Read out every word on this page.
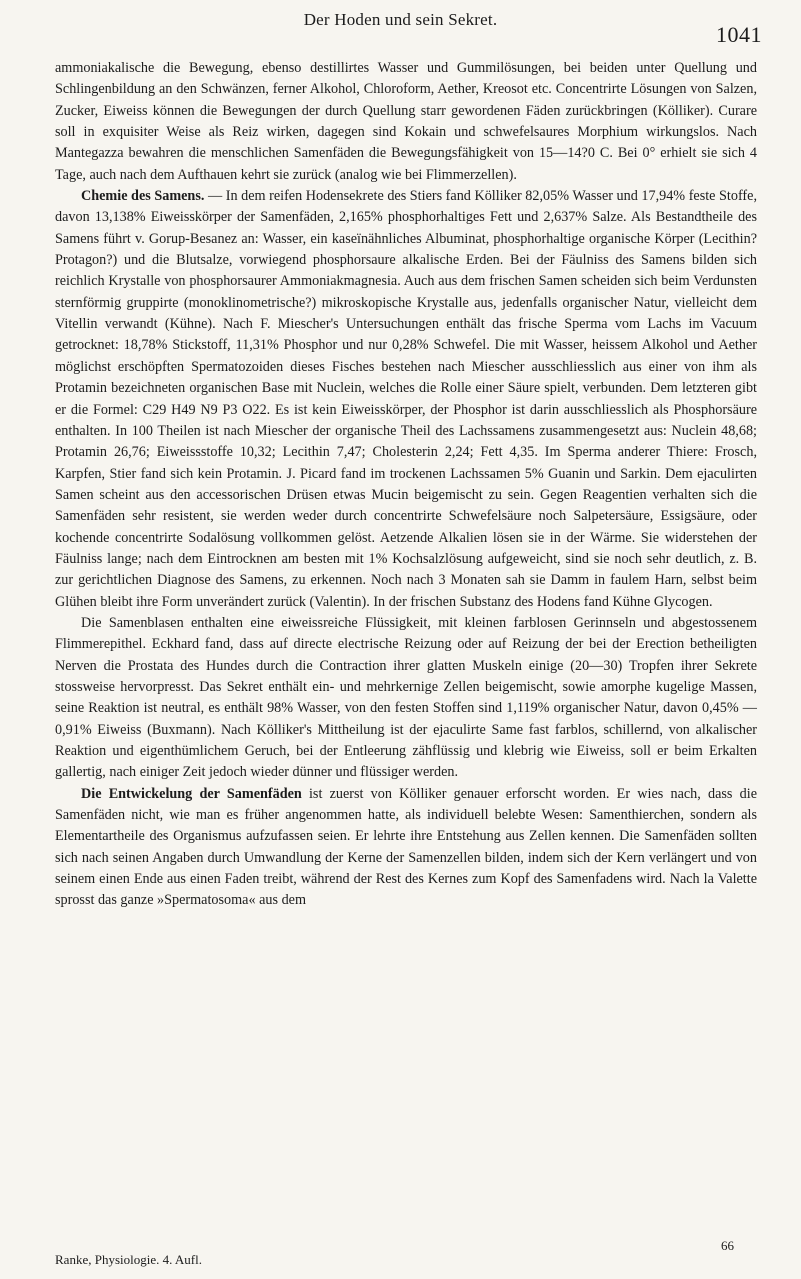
Der Hoden und sein Sekret.
1041

ammoniakalische die Bewegung, ebenso destillirtes Wasser und Gummilösungen, bei beiden unter Quellung und Schlingenbildung an den Schwänzen, ferner Alkohol, Chloroform, Aether, Kreosot etc. Concentrirte Lösungen von Salzen, Zucker, Eiweiss können die Bewegungen der durch Quellung starr gewordenen Fäden zurückbringen (Kölliker). Curare soll in exquisiter Weise als Reiz wirken, dagegen sind Kokain und schwefelsaures Morphium wirkungslos. Nach Mantegazza bewahren die menschlichen Samenfäden die Bewegungsfähigkeit von 15—14?0 C. Bei 0° erhielt sie sich 4 Tage, auch nach dem Aufthauen kehrt sie zurück (analog wie bei Flimmerzellen).

Chemie des Samens. — In dem reifen Hodensekrete des Stiers fand Kölliker 82,05% Wasser und 17,94% feste Stoffe, davon 13,138% Eiweisskörper der Samenfäden, 2,165% phosphorhaltiges Fett und 2,637% Salze. Als Bestandtheile des Samens führt v. Gorup-Besanez an: Wasser, ein kaseïnähnliches Albuminat, phosphorhaltige organische Körper (Lecithin? Protagon?) und die Blutsalze, vorwiegend phosphorsaure alkalische Erden. Bei der Fäulniss des Samens bilden sich reichlich Krystalle von phosphorsaurer Ammoniakmagnesia. Auch aus dem frischen Samen scheiden sich beim Verdunsten sternförmig gruppirte (monoklinometrische?) mikroskopische Krystalle aus, jedenfalls organischer Natur, vielleicht dem Vitellin verwandt (Kühne). Nach F. Miescher's Untersuchungen enthält das frische Sperma vom Lachs im Vacuum getrocknet: 18,78% Stickstoff, 11,31% Phosphor und nur 0,28% Schwefel. Die mit Wasser, heissem Alkohol und Aether möglichst erschöpften Spermatozoiden dieses Fisches bestehen nach Miescher ausschliesslich aus einer von ihm als Protamin bezeichneten organischen Base mit Nuclein, welches die Rolle einer Säure spielt, verbunden. Dem letzteren gibt er die Formel: C29 H49 N9 P3 O22. Es ist kein Eiweisskörper, der Phosphor ist darin ausschliesslich als Phosphorsäure enthalten. In 100 Theilen ist nach Miescher der organische Theil des Lachssamens zusammengesetzt aus: Nuclein 48,68; Protamin 26,76; Eiweissstoffe 10,32; Lecithin 7,47; Cholesterin 2,24; Fett 4,35. Im Sperma anderer Thiere: Frosch, Karpfen, Stier fand sich kein Protamin. J. Picard fand im trockenen Lachssamen 5% Guanin und Sarkin. Dem ejaculirten Samen scheint aus den accessorischen Drüsen etwas Mucin beigemischt zu sein. Gegen Reagentien verhalten sich die Samenfäden sehr resistent, sie werden weder durch concentrirte Schwefelsäure noch Salpetersäure, Essigsäure, oder kochende concentrirte Sodalösung vollkommen gelöst. Aetzende Alkalien lösen sie in der Wärme. Sie widerstehen der Fäulniss lange; nach dem Eintrocknen am besten mit 1% Kochsalzlösung aufgeweicht, sind sie noch sehr deutlich, z. B. zur gerichtlichen Diagnose des Samens, zu erkennen. Noch nach 3 Monaten sah sie Damm in faulem Harn, selbst beim Glühen bleibt ihre Form unverändert zurück (Valentin). In der frischen Substanz des Hodens fand Kühne Glycogen.

Die Samenblasen enthalten eine eiweissreiche Flüssigkeit, mit kleinen farblosen Gerinnseln und abgestossenem Flimmerepithel. Eckhard fand, dass auf directe electrische Reizung oder auf Reizung der bei der Erection betheiligten Nerven die Prostata des Hundes durch die Contraction ihrer glatten Muskeln einige (20—30) Tropfen ihrer Sekrete stossweise hervorpresst. Das Sekret enthält ein- und mehrkernige Zellen beigemischt, sowie amorphe kugelige Massen, seine Reaktion ist neutral, es enthält 98% Wasser, von den festen Stoffen sind 1,119% organischer Natur, davon 0,45% — 0,91% Eiweiss (Buxmann). Nach Kölliker's Mittheilung ist der ejaculirte Same fast farblos, schillernd, von alkalischer Reaktion und eigenthümlichem Geruch, bei der Entleerung zähflüssig und klebrig wie Eiweiss, soll er beim Erkalten gallertig, nach einiger Zeit jedoch wieder dünner und flüssiger werden.

Die Entwickelung der Samenfäden ist zuerst von Kölliker genauer erforscht worden. Er wies nach, dass die Samenfäden nicht, wie man es früher angenommen hatte, als individuell belebte Wesen: Samenthierchen, sondern als Elementartheile des Organismus aufzufassen seien. Er lehrte ihre Entstehung aus Zellen kennen. Die Samenfäden sollten sich nach seinen Angaben durch Umwandlung der Kerne der Samenzellen bilden, indem sich der Kern verlängert und von seinem einen Ende aus einen Faden treibt, während der Rest des Kernes zum Kopf des Samenfadens wird. Nach la Valette sprosst das ganze »Spermatosoma« aus dem

66
Ranke, Physiologie. 4. Aufl.
